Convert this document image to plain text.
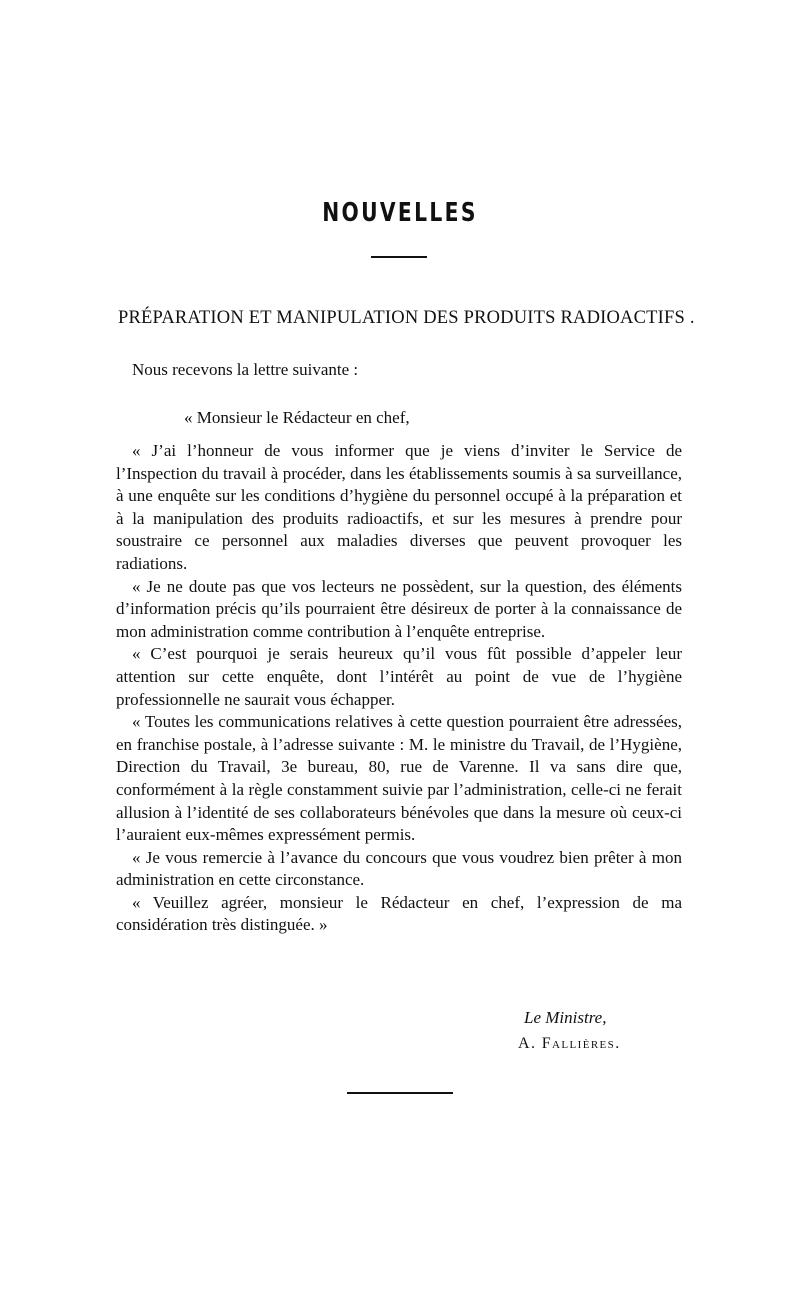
NOUVELLES
PRÉPARATION ET MANIPULATION DES PRODUITS RADIOACTIFS .
Nous recevons la lettre suivante :
« Monsieur le Rédacteur en chef,

« J’ai l’honneur de vous informer que je viens d’inviter le Service de l’Inspection du travail à procéder, dans les établissements soumis à sa surveillance, à une enquête sur les conditions d’hygiène du personnel occupé à la préparation et à la manipulation des produits radioactifs, et sur les mesures à prendre pour soustraire ce personnel aux maladies diverses que peuvent provoquer les radiations.

« Je ne doute pas que vos lecteurs ne possèdent, sur la question, des éléments d’information précis qu’ils pourraient être désireux de porter à la connaissance de mon administration comme contribution à l’enquête entreprise.

« C’est pourquoi je serais heureux qu’il vous fût possible d’appeler leur attention sur cette enquête, dont l’intérêt au point de vue de l’hygiène professionnelle ne saurait vous échapper.

« Toutes les communications relatives à cette question pourraient être adressées, en franchise postale, à l’adresse suivante : M. le ministre du Travail, de l’Hygiène, Direction du Travail, 3e bureau, 80, rue de Varenne. Il va sans dire que, conformément à la règle constamment suivie par l’administration, celle-ci ne ferait allusion à l’identité de ses collaborateurs bénévoles que dans la mesure où ceux-ci l’auraient eux-mêmes expressément permis.

« Je vous remercie à l’avance du concours que vous voudrez bien prêter à mon administration en cette circonstance.

« Veuillez agréer, monsieur le Rédacteur en chef, l’expression de ma considération très distinguée. »

Le Ministre,
A. Fallières.
